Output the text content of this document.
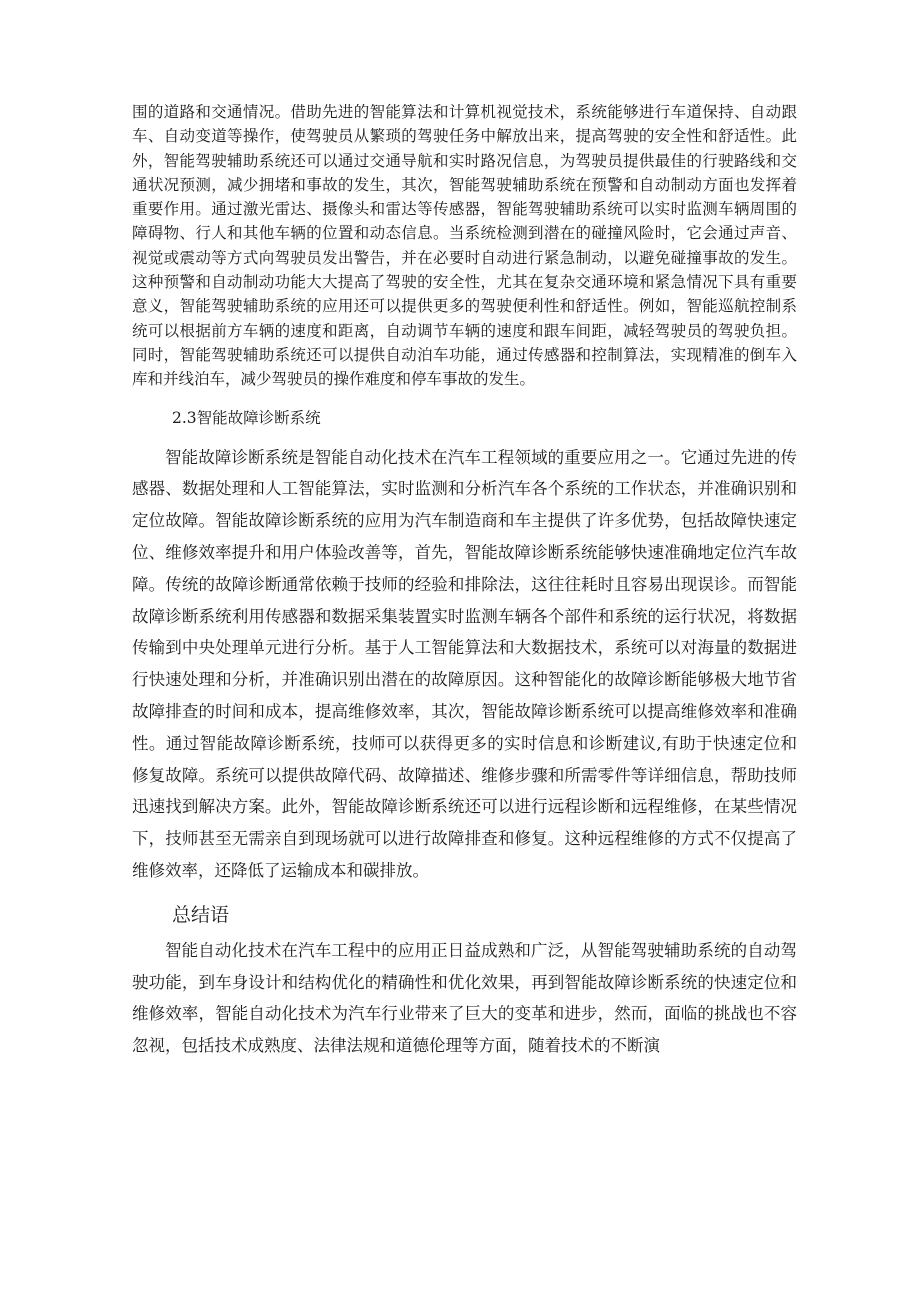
围的道路和交通情况。借助先进的智能算法和计算机视觉技术，系统能够进行车道保持、自动跟车、自动变道等操作，使驾驶员从繁琐的驾驶任务中解放出来，提高驾驶的安全性和舒适性。此外，智能驾驶辅助系统还可以通过交通导航和实时路况信息，为驾驶员提供最佳的行驶路线和交通状况预测，减少拥堵和事故的发生，其次，智能驾驶辅助系统在预警和自动制动方面也发挥着重要作用。通过激光雷达、摄像头和雷达等传感器，智能驾驶辅助系统可以实时监测车辆周围的障碍物、行人和其他车辆的位置和动态信息。当系统检测到潜在的碰撞风险时，它会通过声音、视觉或震动等方式向驾驶员发出警告，并在必要时自动进行紧急制动，以避免碰撞事故的发生。这种预警和自动制动功能大大提高了驾驶的安全性，尤其在复杂交通环境和紧急情况下具有重要意义，智能驾驶辅助系统的应用还可以提供更多的驾驶便利性和舒适性。例如，智能巡航控制系统可以根据前方车辆的速度和距离，自动调节车辆的速度和跟车间距，减轻驾驶员的驾驶负担。同时，智能驾驶辅助系统还可以提供自动泊车功能，通过传感器和控制算法，实现精准的倒车入库和并线泊车，减少驾驶员的操作难度和停车事故的发生。

2.3智能故障诊断系统

智能故障诊断系统是智能自动化技术在汽车工程领域的重要应用之一。它通过先进的传感器、数据处理和人工智能算法，实时监测和分析汽车各个系统的工作状态，并准确识别和定位故障。智能故障诊断系统的应用为汽车制造商和车主提供了许多优势，包括故障快速定位、维修效率提升和用户体验改善等，首先，智能故障诊断系统能够快速准确地定位汽车故障。传统的故障诊断通常依赖于技师的经验和排除法，这往往耗时且容易出现误诊。而智能故障诊断系统利用传感器和数据采集装置实时监测车辆各个部件和系统的运行状况，将数据传输到中央处理单元进行分析。基于人工智能算法和大数据技术，系统可以对海量的数据进行快速处理和分析，并准确识别出潜在的故障原因。这种智能化的故障诊断能够极大地节省故障排查的时间和成本，提高维修效率，其次，智能故障诊断系统可以提高维修效率和准确性。通过智能故障诊断系统，技师可以获得更多的实时信息和诊断建议,有助于快速定位和修复故障。系统可以提供故障代码、故障描述、维修步骤和所需零件等详细信息，帮助技师迅速找到解决方案。此外，智能故障诊断系统还可以进行远程诊断和远程维修，在某些情况下，技师甚至无需亲自到现场就可以进行故障排查和修复。这种远程维修的方式不仅提高了维修效率，还降低了运输成本和碳排放。

总结语

智能自动化技术在汽车工程中的应用正日益成熟和广泛，从智能驾驶辅助系统的自动驾驶功能，到车身设计和结构优化的精确性和优化效果，再到智能故障诊断系统的快速定位和维修效率，智能自动化技术为汽车行业带来了巨大的变革和进步，然而，面临的挑战也不容忽视，包括技术成熟度、法律法规和道德伦理等方面，随着技术的不断演
